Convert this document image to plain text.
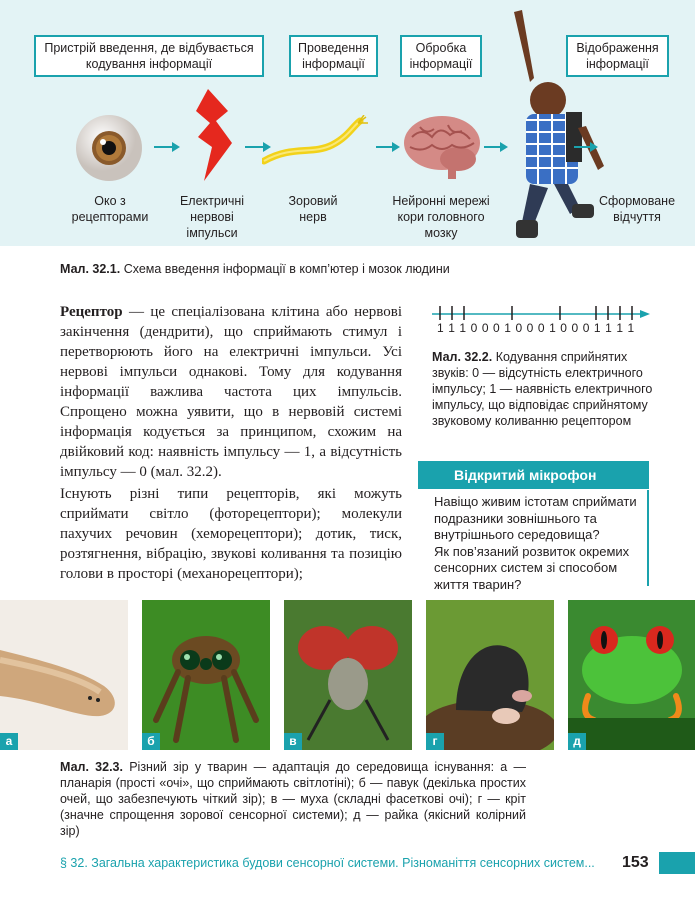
Пристрій введення, де відбувається кодування інформації
Проведення інформації
Обробка інформації
Відображення інформації
Око з рецепторами
Електричні нервові імпульси
Зоровий нерв
Нейронні мережі кори головного мозку
Сформоване відчуття
Мал. 32.1. Схема введення інформації в комп’ютер і мозок людини
Рецептор — це спеціалізована клітина або нервові закінчення (дендрити), що сприймають стимул і перетворюють його на електричні імпульси. Усі нервові імпульси однакові. Тому для кодування інформації важлива частота цих імпульсів. Спрощено можна уявити, що в нервовій системі інформація кодується за принципом, схожим на двійковий код: наявність імпульсу — 1, а відсутність імпульсу — 0 (мал. 32.2).
Існують різні типи рецепторів, які можуть сприймати світло (фоторецептори); молекули пахучих речовин (хеморецептори); дотик, тиск, розтягнення, вібрацію, звукові коливання та позицію голови в просторі (механорецептори);
1 1 1 0 0 0 1 0 0 0 1 0 0 0 1 1 1 1
Мал. 32.2. Кодування сприйнятих звуків: 0 — відсутність електричного імпульсу; 1 — наявність електричного імпульсу, що відповідає сприйнятому звуковому коливанню рецептором
Відкритий мікрофон
Навіщо живим істотам сприймати подразники зовнішнього та внутрішнього середовища?
Як пов’язаний розвиток окремих сенсорних систем зі способом життя тварин?
а	б	в	г	д
Мал. 32.3. Різний зір у тварин — адаптація до середовища існування: а — планарія (прості «очі», що сприймають світлотіні); б — павук (декілька простих очей, що забезпечують чіткий зір); в — муха (складні фасеткові очі); г — кріт (значне спрощення зорової сенсорної системи); д — райка (якісний колірний зір)
§ 32. Загальна характеристика будови сенсорної системи. Різноманіття сенсорних систем... 153
